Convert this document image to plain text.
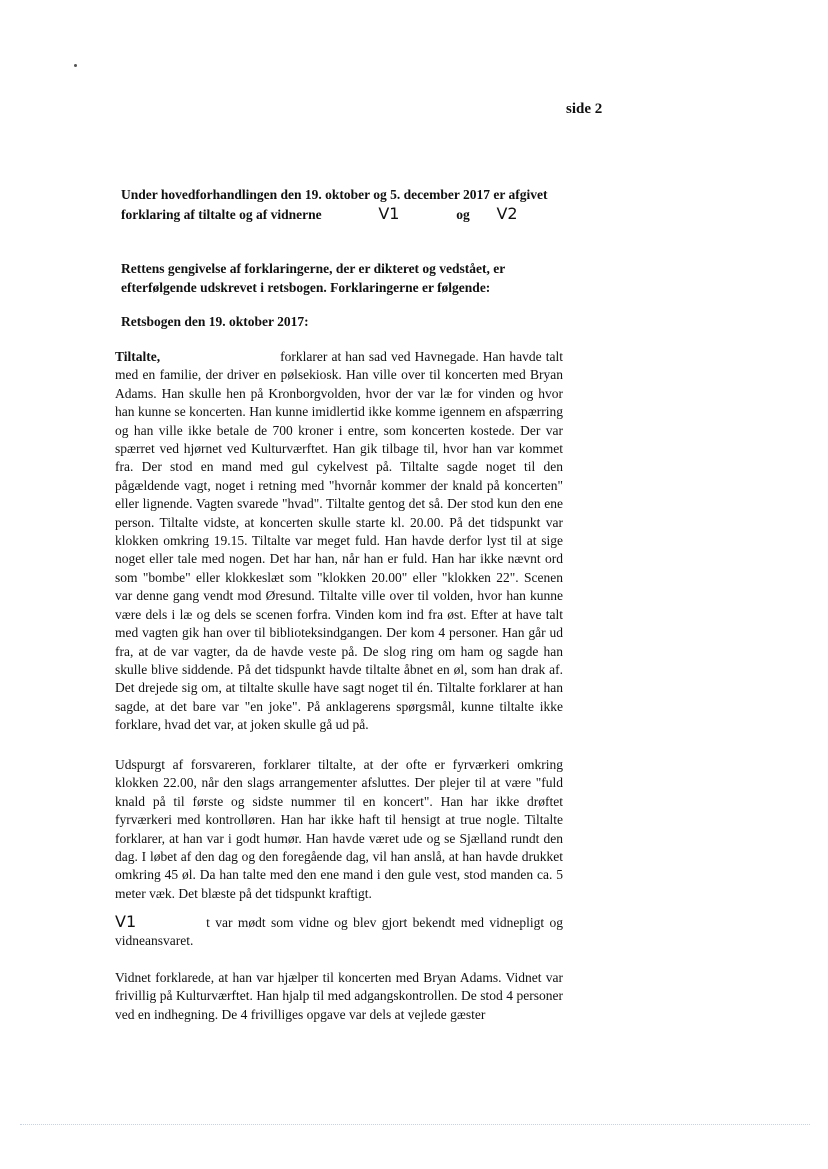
side 2
Under hovedforhandlingen den 19. oktober og 5. december 2017 er afgivet forklaring af tiltalte og af vidnerne	V1	og V2
Rettens gengivelse af forklaringerne, der er dikteret og vedstået, er efterfølgende udskrevet i retsbogen. Forklaringerne er følgende:
Retsbogen den 19. oktober 2017:
Tiltalte,	forklarer at han sad ved Havnegade. Han havde talt med en familie, der driver en pølsekiosk. Han ville over til koncerten med Bryan Adams. Han skulle hen på Kronborgvolden, hvor der var læ for vinden og hvor han kunne se koncerten. Han kunne imidlertid ikke komme igennem en afspærring og han ville ikke betale de 700 kroner i entre, som koncerten kostede. Der var spærret ved hjørnet ved Kulturværftet. Han gik tilbage til, hvor han var kommet fra. Der stod en mand med gul cykelvest på. Tiltalte sagde noget til den pågældende vagt, noget i retning med "hvornår kommer der knald på koncerten" eller lignende. Vagten svarede "hvad". Tiltalte gentog det så. Der stod kun den ene person. Tiltalte vidste, at koncerten skulle starte kl. 20.00. På det tidspunkt var klokken omkring 19.15. Tiltalte var meget fuld. Han havde derfor lyst til at sige noget eller tale med nogen. Det har han, når han er fuld. Han har ikke nævnt ord som "bombe" eller klokkeslæt som "klokken 20.00" eller "klokken 22". Scenen var denne gang vendt mod Øresund. Tiltalte ville over til volden, hvor han kunne være dels i læ og dels se scenen forfra. Vinden kom ind fra øst. Efter at have talt med vagten gik han over til biblioteksindgangen. Der kom 4 personer. Han går ud fra, at de var vagter, da de havde veste på. De slog ring om ham og sagde han skulle blive siddende. På det tidspunkt havde tiltalte åbnet en øl, som han drak af. Det drejede sig om, at tiltalte skulle have sagt noget til én. Tiltalte forklarer at han sagde, at det bare var "en joke". På anklagerens spørgsmål, kunne tiltalte ikke forklare, hvad det var, at joken skulle gå ud på.
Udspurgt af forsvareren, forklarer tiltalte, at der ofte er fyrværkeri omkring klokken 22.00, når den slags arrangementer afsluttes. Der plejer til at være "fuld knald på til første og sidste nummer til en koncert". Han har ikke drøftet fyrværkeri med kontrolløren. Han har ikke haft til hensigt at true nogle. Tiltalte forklarer, at han var i godt humør. Han havde været ude og se Sjælland rundt den dag. I løbet af den dag og den foregående dag, vil han anslå, at han havde drukket omkring 45 øl. Da han talte med den ene mand i den gule vest, stod manden ca. 5 meter væk. Det blæste på det tidspunkt kraftigt.
V1	t var mødt som vidne og blev gjort bekendt med vidnepligt og vidneansvaret.
Vidnet forklarede, at han var hjælper til koncerten med Bryan Adams. Vidnet var frivillig på Kulturværftet. Han hjalp til med adgangskontrollen. De stod 4 personer ved en indhegning. De 4 frivilliges opgave var dels at vejlede gæster
